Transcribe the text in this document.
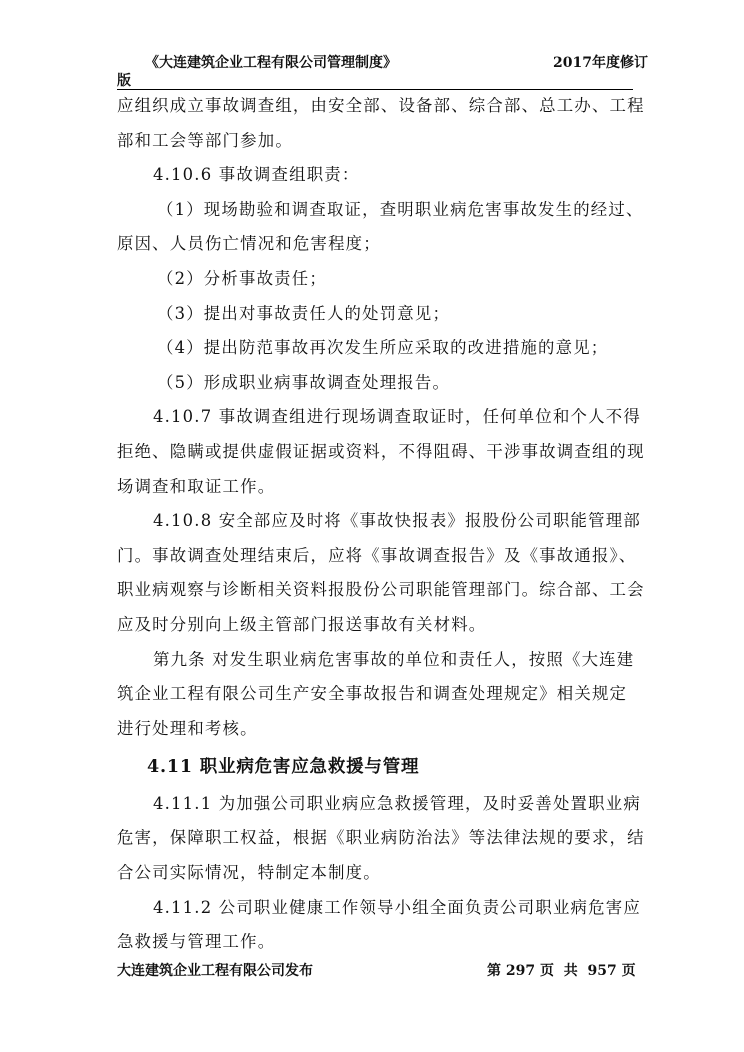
《大连建筑企业工程有限公司管理制度》	2017年度修订
版
应组织成立事故调查组，由安全部、设备部、综合部、总工办、工程
部和工会等部门参加。
4.10.6 事故调查组职责：
（1）现场勘验和调查取证，查明职业病危害事故发生的经过、
原因、人员伤亡情况和危害程度；
（2）分析事故责任；
（3）提出对事故责任人的处罚意见；
（4）提出防范事故再次发生所应采取的改进措施的意见；
（5）形成职业病事故调查处理报告。
4.10.7 事故调查组进行现场调查取证时，任何单位和个人不得
拒绝、隐瞒或提供虚假证据或资料，不得阻碍、干涉事故调查组的现
场调查和取证工作。
4.10.8 安全部应及时将《事故快报表》报股份公司职能管理部
门。事故调查处理结束后，应将《事故调查报告》及《事故通报》、
职业病观察与诊断相关资料报股份公司职能管理部门。综合部、工会
应及时分别向上级主管部门报送事故有关材料。
第九条 对发生职业病危害事故的单位和责任人，按照《大连建
筑企业工程有限公司生产安全事故报告和调查处理规定》相关规定
进行处理和考核。
4.11 职业病危害应急救援与管理
4.11.1 为加强公司职业病应急救援管理，及时妥善处置职业病
危害，保障职工权益，根据《职业病防治法》等法律法规的要求，结
合公司实际情况，特制定本制度。
4.11.2 公司职业健康工作领导小组全面负责公司职业病危害应
急救援与管理工作。
大连建筑企业工程有限公司发布	第 297 页  共  957 页
